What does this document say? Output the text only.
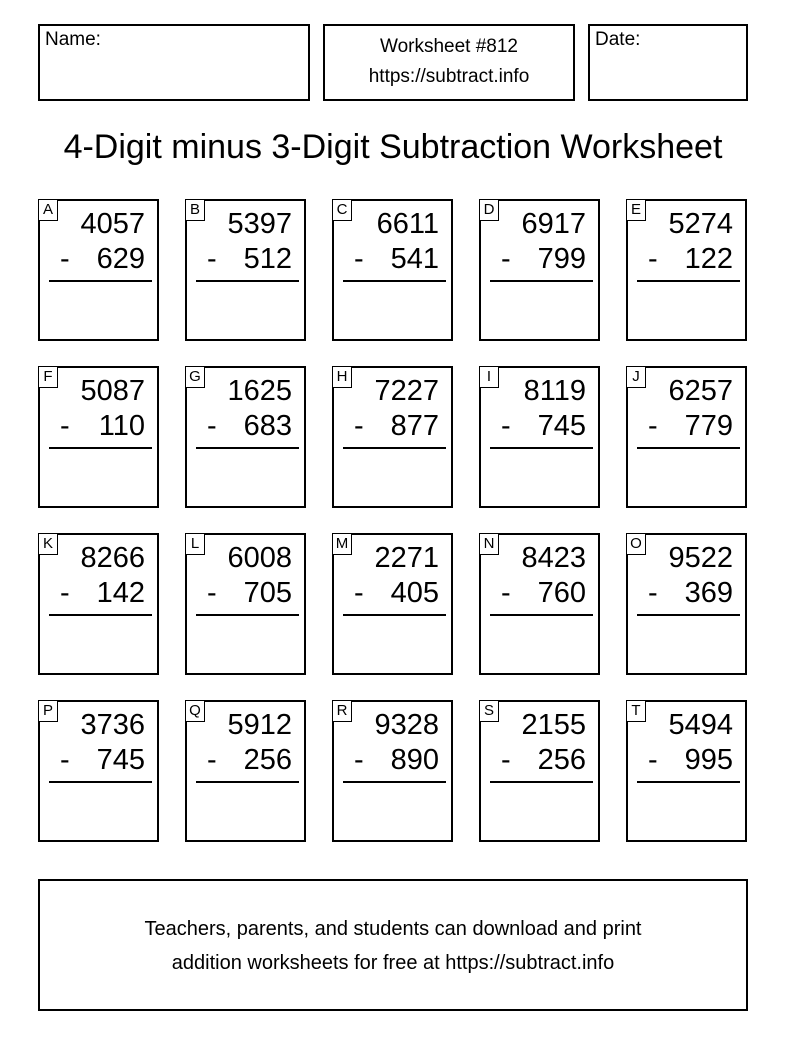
Name:	Worksheet #812
https://subtract.info
Date:
4-Digit minus 3-Digit Subtraction Worksheet
A 4057
- 629
B 5397
- 512
C 6611
- 541
D 6917
- 799
E 5274
- 122
F 5087
- 110
G 1625
- 683
H 7227
- 877
I 8119
- 745
J 6257
- 779
K 8266
- 142
L 6008
- 705
M 2271
- 405
N 8423
- 760
O 9522
- 369
P 3736
- 745
Q 5912
- 256
R 9328
- 890
S 2155
- 256
T 5494
- 995
Teachers, parents, and students can download and print
addition worksheets for free at https://subtract.info
